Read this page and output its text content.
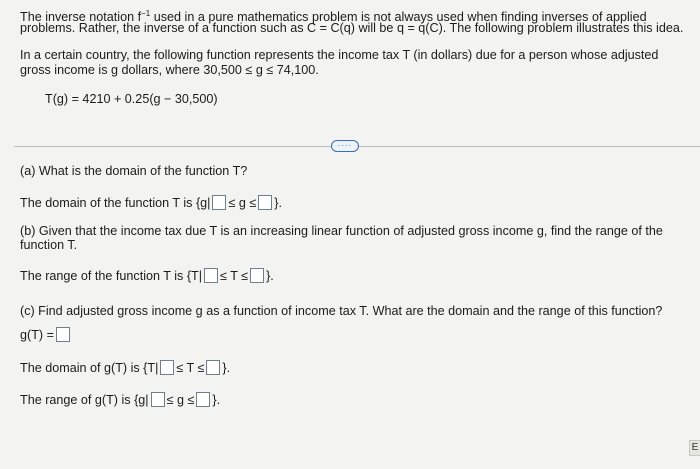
The inverse notation $f^{-1}$ used in a pure mathematics problem is not always used when finding inverses of applied
problems. Rather, the inverse of a function such as C = C(q) will be q = q(C). The following problem illustrates this idea.
In a certain country, the following function represents the income tax T (in dollars) due for a person whose adjusted
gross income is g dollars, where 30,500 ≤ g ≤ 74,100.
T(g) = 4210 + 0.25(g − 30,500)
····
(a) What is the domain of the function T?
The domain of the function T is {g| ≤ g ≤ }.
(b) Given that the income tax due T is an increasing linear function of adjusted gross income g, find the range of the
function T.
The range of the function T is {T| ≤ T ≤ }.
(c) Find adjusted gross income g as a function of income tax T. What are the domain and the range of this function?
g(T) =
The domain of g(T) is {T| ≤ T ≤ }.
The range of g(T) is {g| ≤ g ≤ }.
E
